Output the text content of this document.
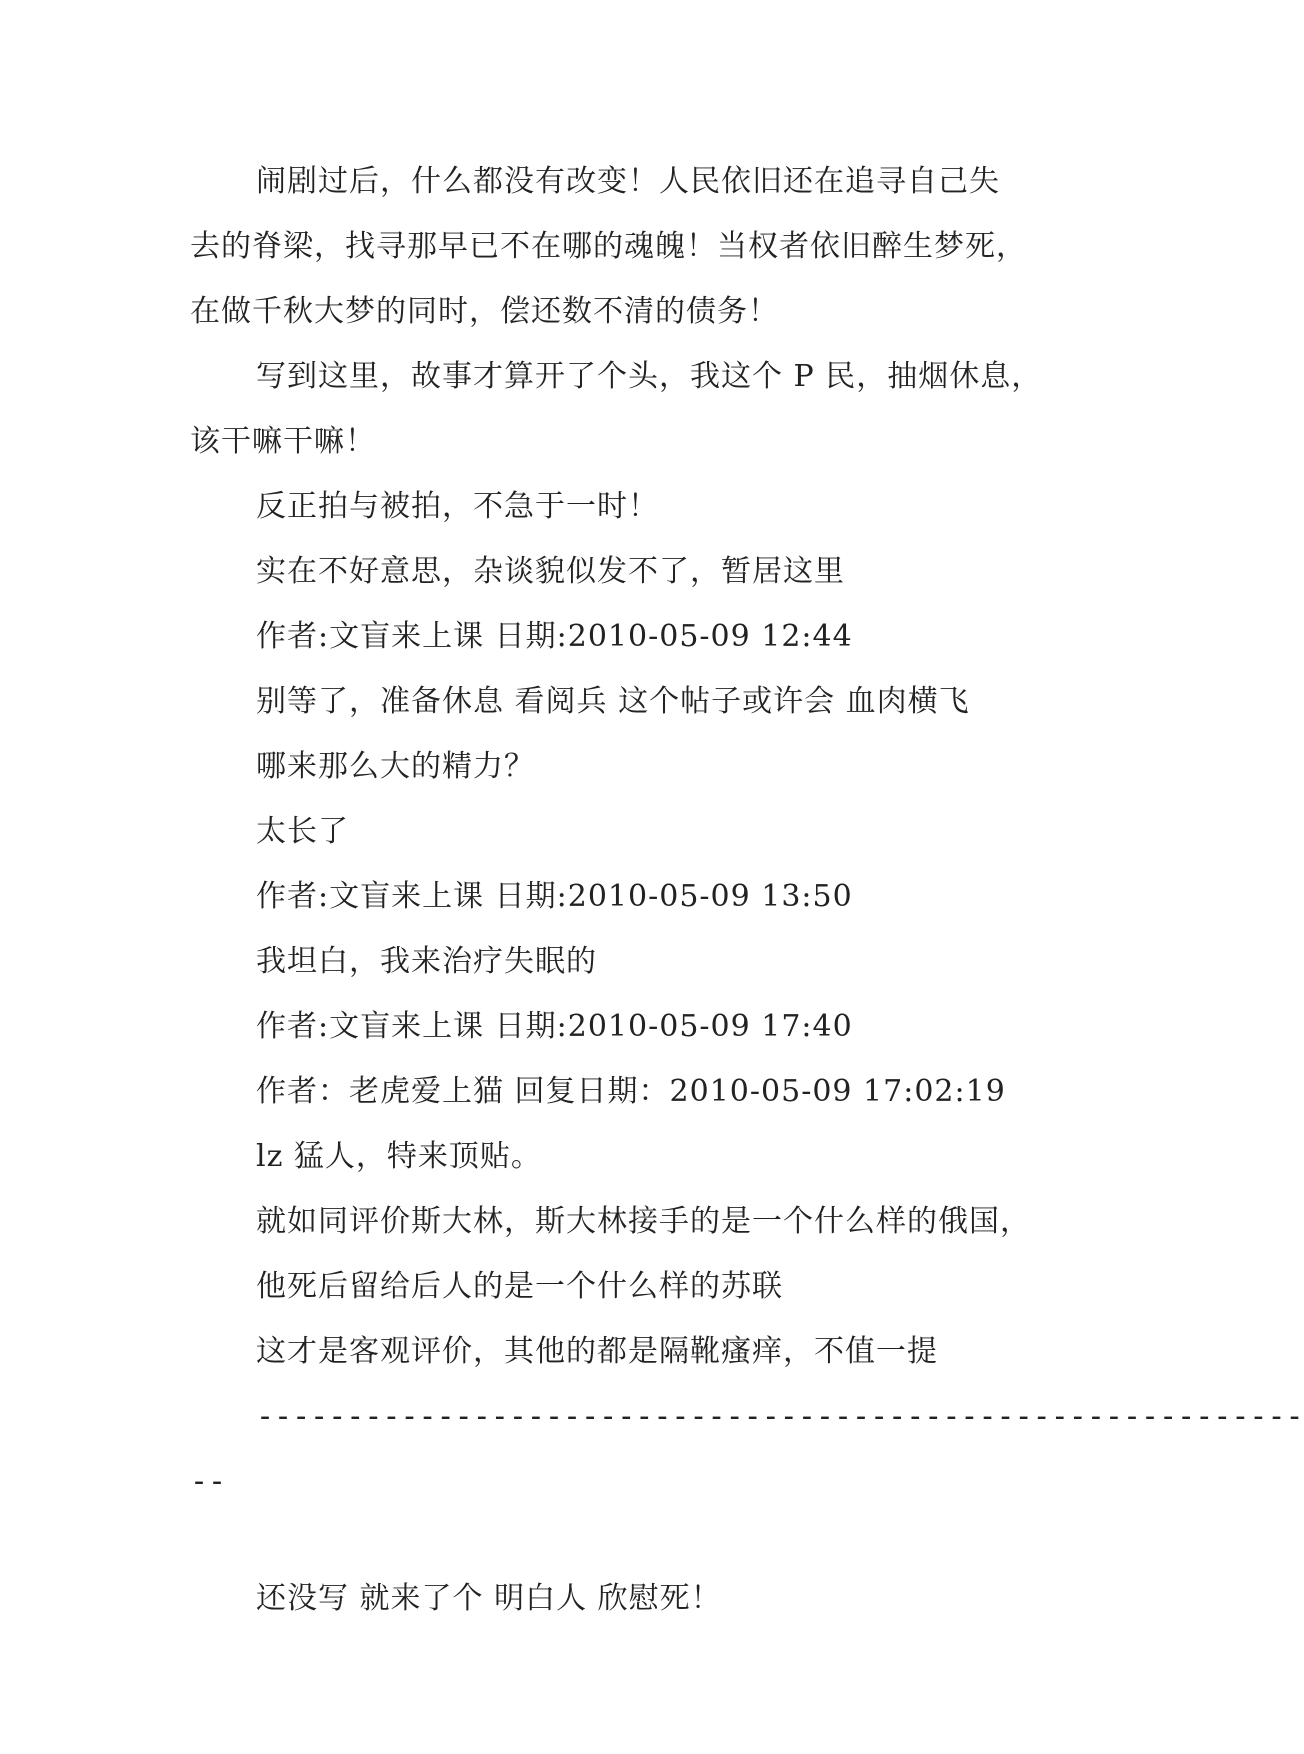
闹剧过后，什么都没有改变！人民依旧还在追寻自己失
去的脊梁，找寻那早已不在哪的魂魄！当权者依旧醉生梦死，
在做千秋大梦的同时，偿还数不清的债务！
写到这里，故事才算开了个头，我这个 P 民，抽烟休息，
该干嘛干嘛！
反正拍与被拍，不急于一时！
实在不好意思，杂谈貌似发不了，暂居这里
作者:文盲来上课 日期:2010-05-09 12:44
别等了，准备休息 看阅兵 这个帖子或许会 血肉横飞
哪来那么大的精力？
太长了
作者:文盲来上课 日期:2010-05-09 13:50
我坦白，我来治疗失眠的
作者:文盲来上课 日期:2010-05-09 17:40
作者：老虎爱上猫 回复日期：2010-05-09 17:02:19
lz 猛人，特来顶贴。
就如同评价斯大林，斯大林接手的是一个什么样的俄国，
他死后留给后人的是一个什么样的苏联
这才是客观评价，其他的都是隔靴瘙痒，不值一提
----------------------------------------------------------
--
还没写 就来了个 明白人 欣慰死！
